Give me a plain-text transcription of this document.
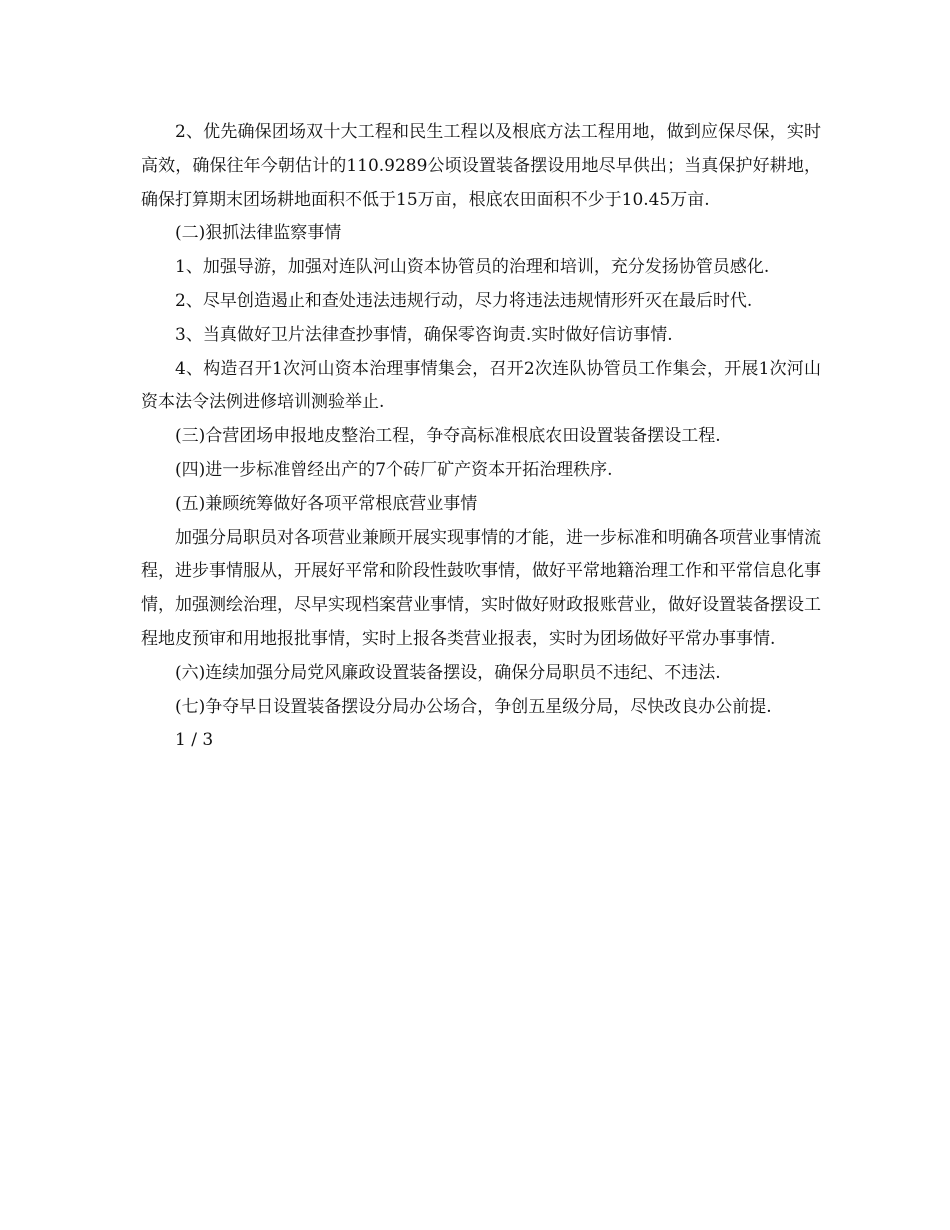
2、优先确保团场双十大工程和民生工程以及根底方法工程用地，做到应保尽保，实时高效，确保往年今朝估计的110.9289公顷设置装备摆设用地尽早供出；当真保护好耕地，确保打算期末团场耕地面积不低于15万亩，根底农田面积不少于10.45万亩.

(二)狠抓法律监察事情

1、加强导游，加强对连队河山资本协管员的治理和培训，充分发扬协管员感化.

2、尽早创造遏止和查处违法违规行动，尽力将违法违规情形歼灭在最后时代.

3、当真做好卫片法律查抄事情，确保零咨询责.实时做好信访事情.

4、构造召开1次河山资本治理事情集会，召开2次连队协管员工作集会，开展1次河山资本法令法例进修培训测验举止.

(三)合营团场申报地皮整治工程，争夺高标准根底农田设置装备摆设工程.

(四)进一步标准曾经出产的7个砖厂矿产资本开拓治理秩序.

(五)兼顾统筹做好各项平常根底营业事情

加强分局职员对各项营业兼顾开展实现事情的才能，进一步标准和明确各项营业事情流程，进步事情服从，开展好平常和阶段性鼓吹事情，做好平常地籍治理工作和平常信息化事情，加强测绘治理，尽早实现档案营业事情，实时做好财政报账营业，做好设置装备摆设工程地皮预审和用地报批事情，实时上报各类营业报表，实时为团场做好平常办事事情.

(六)连续加强分局党风廉政设置装备摆设，确保分局职员不违纪、不违法.

(七)争夺早日设置装备摆设分局办公场合，争创五星级分局，尽快改良办公前提.

1 / 3
